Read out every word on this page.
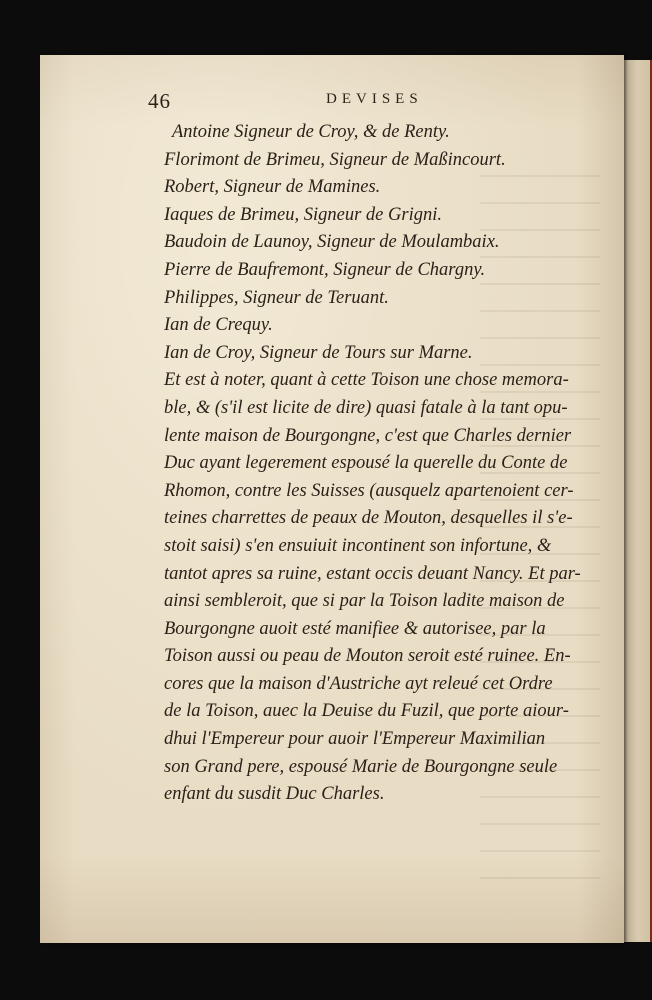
46	DEVISES
Antoine Signeur de Croy, & de Renty.
Florimont de Brimeu, Signeur de Maßincourt.
Robert, Signeur de Mamines.
Iaques de Brimeu, Signeur de Grigni.
Baudoin de Launoy, Signeur de Moulambaix.
Pierre de Baufremont, Signeur de Chargny.
Philippes, Signeur de Teruant.
Ian de Crequy.
Ian de Croy, Signeur de Tours sur Marne.
Et est à noter, quant à cette Toison une chose memora-
ble, & (s'il est licite de dire) quasi fatale à la tant opu-
lente maison de Bourgongne, c'est que Charles dernier
Duc ayant legerement espousé la querelle du Conte de
Rhomon, contre les Suisses (ausquelz apartenoient cer-
teines charrettes de peaux de Mouton, desquelles il s'e-
stoit saisi) s'en ensuiuit incontinent son infortune, &
tantot apres sa ruine, estant occis deuant Nancy. Et par-
ainsi sembleroit, que si par la Toison ladite maison de
Bourgongne auoit esté manifiee & autorisee, par la
Toison aussi ou peau de Mouton seroit esté ruinee. En-
cores que la maison d'Austriche ayt releué cet Ordre
de la Toison, auec la Deuise du Fuzil, que porte aiour-
dhui l'Empereur pour auoir l'Empereur Maximilian
son Grand pere, espousé Marie de Bourgongne seule
enfant du susdit Duc Charles.
